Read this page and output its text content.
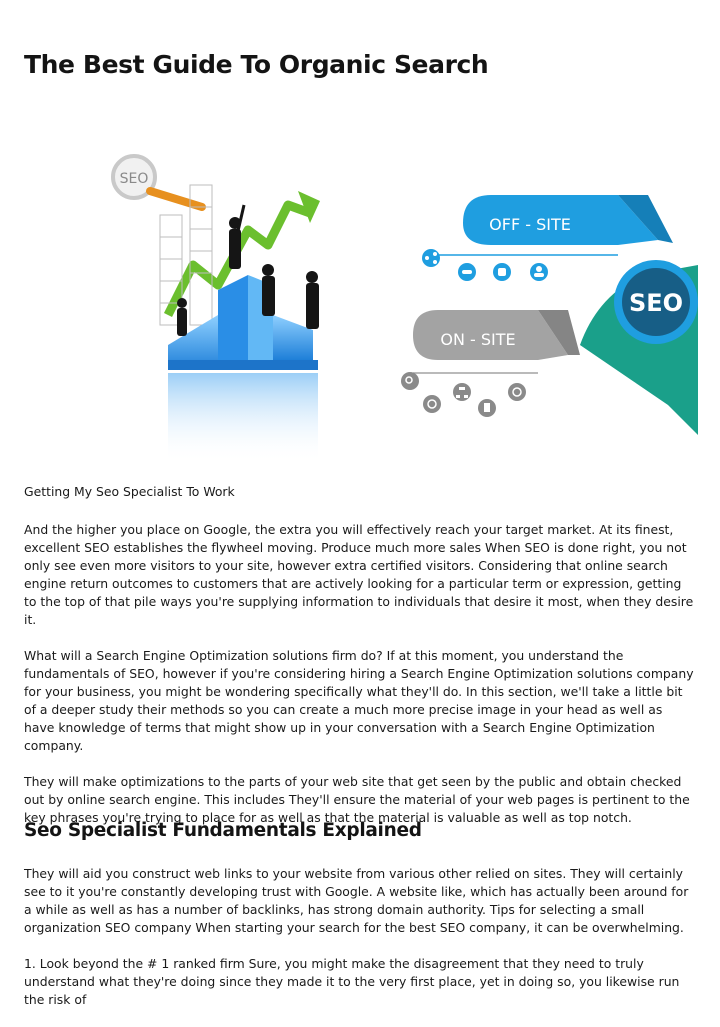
The Best Guide To Organic Search
SEO
OFF - SITE
ON - SITE
SEO

Getting My Seo Specialist To Work

And the higher you place on Google, the extra you will effectively reach your target market. At its finest, excellent SEO establishes the flywheel moving. Produce much more sales When SEO is done right, you not only see even more visitors to your site, however extra certified visitors. Considering that online search engine return outcomes to customers that are actively looking for a particular term or expression, getting to the top of that pile ways you're supplying information to individuals that desire it most, when they desire it.

What will a Search Engine Optimization solutions firm do? If at this moment, you understand the fundamentals of SEO, however if you're considering hiring a Search Engine Optimization solutions company for your business, you might be wondering specifically what they'll do. In this section, we'll take a little bit of a deeper study their methods so you can create a much more precise image in your head as well as have knowledge of terms that might show up in your conversation with a Search Engine Optimization company.

They will make optimizations to the parts of your web site that get seen by the public and obtain checked out by online search engine. This includes They'll ensure the material of your web pages is pertinent to the key phrases you're trying to place for as well as that the material is valuable as well as top notch.

Seo Specialist Fundamentals Explained

They will aid you construct web links to your website from various other relied on sites. They will certainly see to it you're constantly developing trust with Google. A website like, which has actually been around for a while as well as has a number of backlinks, has strong domain authority. Tips for selecting a small organization SEO company When starting your search for the best SEO company, it can be overwhelming.

1. Look beyond the # 1 ranked firm Sure, you might make the disagreement that they need to truly understand what they're doing since they made it to the very first place, yet in doing so, you likewise run the risk of
